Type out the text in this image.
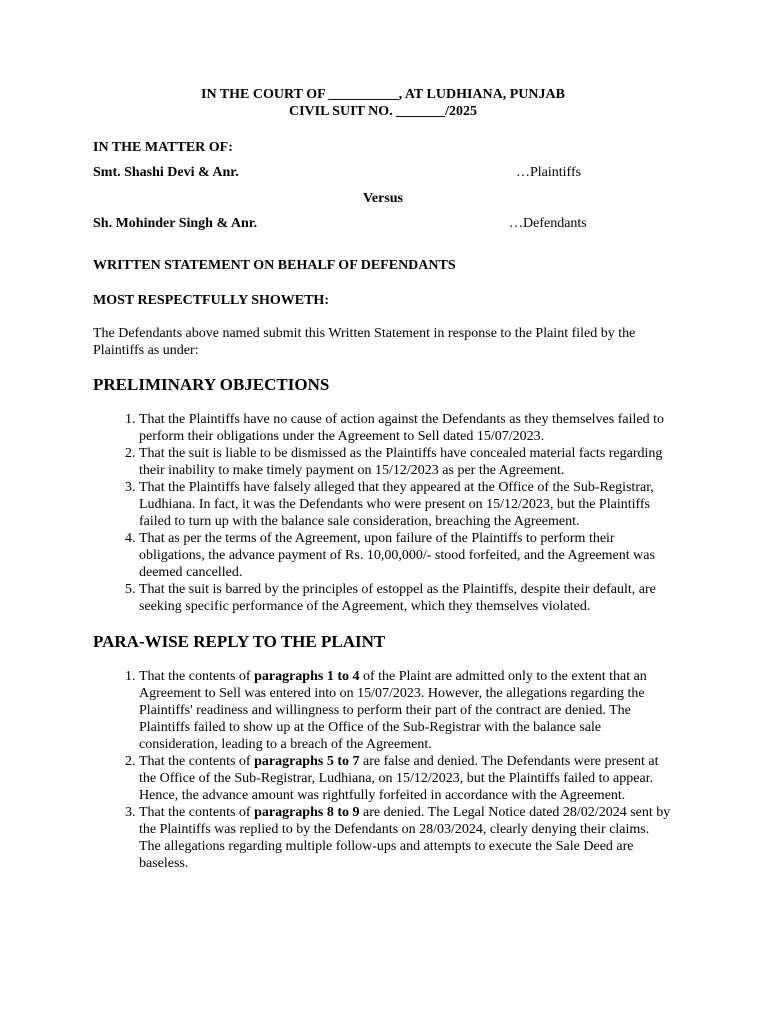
IN THE COURT OF __________, AT LUDHIANA, PUNJAB
CIVIL SUIT NO. _______/2025
IN THE MATTER OF:
Smt. Shashi Devi & Anr.	…Plaintiffs
Versus
Sh. Mohinder Singh & Anr.	…Defendants
WRITTEN STATEMENT ON BEHALF OF DEFENDANTS
MOST RESPECTFULLY SHOWETH:
The Defendants above named submit this Written Statement in response to the Plaint filed by the Plaintiffs as under:
PRELIMINARY OBJECTIONS
1. That the Plaintiffs have no cause of action against the Defendants as they themselves failed to perform their obligations under the Agreement to Sell dated 15/07/2023.
2. That the suit is liable to be dismissed as the Plaintiffs have concealed material facts regarding their inability to make timely payment on 15/12/2023 as per the Agreement.
3. That the Plaintiffs have falsely alleged that they appeared at the Office of the Sub-Registrar, Ludhiana. In fact, it was the Defendants who were present on 15/12/2023, but the Plaintiffs failed to turn up with the balance sale consideration, breaching the Agreement.
4. That as per the terms of the Agreement, upon failure of the Plaintiffs to perform their obligations, the advance payment of Rs. 10,00,000/- stood forfeited, and the Agreement was deemed cancelled.
5. That the suit is barred by the principles of estoppel as the Plaintiffs, despite their default, are seeking specific performance of the Agreement, which they themselves violated.
PARA-WISE REPLY TO THE PLAINT
1. That the contents of paragraphs 1 to 4 of the Plaint are admitted only to the extent that an Agreement to Sell was entered into on 15/07/2023. However, the allegations regarding the Plaintiffs' readiness and willingness to perform their part of the contract are denied. The Plaintiffs failed to show up at the Office of the Sub-Registrar with the balance sale consideration, leading to a breach of the Agreement.
2. That the contents of paragraphs 5 to 7 are false and denied. The Defendants were present at the Office of the Sub-Registrar, Ludhiana, on 15/12/2023, but the Plaintiffs failed to appear. Hence, the advance amount was rightfully forfeited in accordance with the Agreement.
3. That the contents of paragraphs 8 to 9 are denied. The Legal Notice dated 28/02/2024 sent by the Plaintiffs was replied to by the Defendants on 28/03/2024, clearly denying their claims. The allegations regarding multiple follow-ups and attempts to execute the Sale Deed are baseless.
